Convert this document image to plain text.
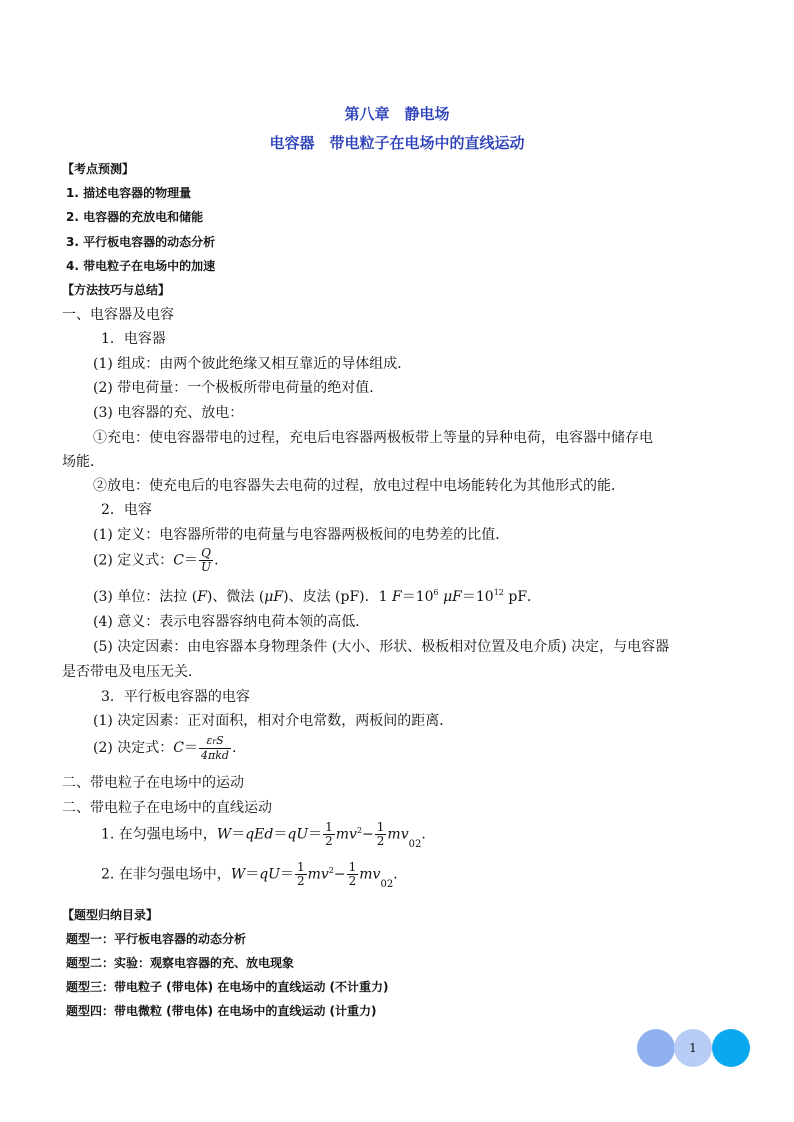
第八章　静电场
电容器　带电粒子在电场中的直线运动
【考点预测】
1. 描述电容器的物理量
2. 电容器的充放电和储能
3. 平行板电容器的动态分析
4. 带电粒子在电场中的加速
【方法技巧与总结】
一、电容器及电容
1．电容器
(1) 组成：由两个彼此绝缘又相互靠近的导体组成．
(2) 带电荷量：一个极板所带电荷量的绝对值．
(3) 电容器的充、放电：
①充电：使电容器带电的过程，充电后电容器两极板带上等量的异种电荷，电容器中储存电
场能．
②放电：使充电后的电容器失去电荷的过程，放电过程中电场能转化为其他形式的能．
2．电容
(1) 定义：电容器所带的电荷量与电容器两极板间的电势差的比值．
(2) 定义式：$C= \frac{Q}{U}$ .
(3) 单位：法拉 (F)、微法 (μF)、皮法 (pF)．1 $F=10^6$ $\mu F=10^{12}$ pF．
(4) 意义：表示电容器容纳电荷本领的高低．
(5) 决定因素：由电容器本身物理条件 (大小、形状、极板相对位置及电介质) 决定，与电容器
是否带电及电压无关．
3．平行板电容器的电容
(1) 决定因素：正对面积，相对介电常数，两板间的距离．
(2) 决定式：$C= \frac{\text{εrS}}{\text{4πkd}}$ .
二、带电粒子在电场中的运动
二、带电粒子在电场中的直线运动
1. 在匀强电场中，$W=qEd=qU= \frac{1}{2} mv^2- \frac{1}{2} mv_{02}$.
2. 在非匀强电场中，$W=qU= \frac{1}{2} mv^2- \frac{1}{2} mv_{02}$.
【题型归纳目录】
题型一：平行板电容器的动态分析
题型二：实验：观察电容器的充、放电现象
题型三：带电粒子 (带电体) 在电场中的直线运动 (不计重力)
题型四：带电微粒 (带电体) 在电场中的直线运动 (计重力)
1
